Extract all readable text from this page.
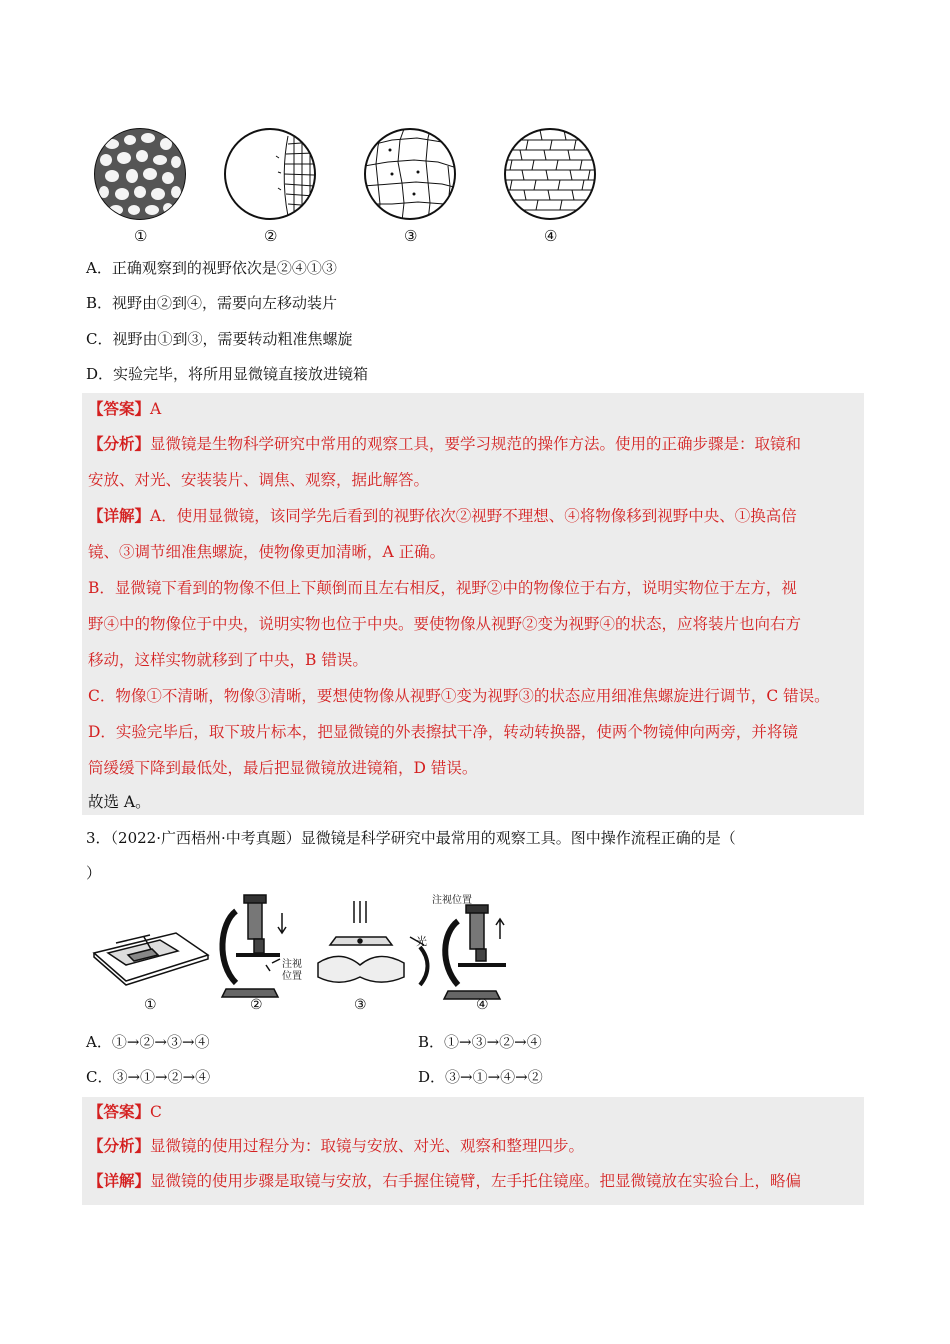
①	②	③	④
A．正确观察到的视野依次是②④①③
B．视野由②到④，需要向左移动装片
C．视野由①到③，需要转动粗准焦螺旋
D．实验完毕，将所用显微镜直接放进镜箱
【答案】A
【分析】显微镜是生物科学研究中常用的观察工具，要学习规范的操作方法。使用的正确步骤是：取镜和
安放、对光、安装装片、调焦、观察，据此解答。
【详解】A．使用显微镜，该同学先后看到的视野依次②视野不理想、④将物像移到视野中央、①换高倍
镜、③调节细准焦螺旋，使物像更加清晰，A 正确。
B．显微镜下看到的物像不但上下颠倒而且左右相反，视野②中的物像位于右方，说明实物位于左方，视
野④中的物像位于中央，说明实物也位于中央。要使物像从视野②变为视野④的状态，应将装片也向右方
移动，这样实物就移到了中央，B 错误。
C．物像①不清晰，物像③清晰，要想使物像从视野①变为视野③的状态应用细准焦螺旋进行调节，C 错误。
D．实验完毕后，取下玻片标本，把显微镜的外表擦拭干净，转动转换器，使两个物镜伸向两旁，并将镜
筒缓缓下降到最低处，最后把显微镜放进镜箱，D 错误。
故选 A。
3．（2022·广西梧州·中考真题）显微镜是科学研究中最常用的观察工具。图中操作流程正确的是（
）
注视
位置
光
注视位置
①	②	③	④
A．①→②→③→④	B．①→③→②→④
C．③→①→②→④	D．③→①→④→②
【答案】C
【分析】显微镜的使用过程分为：取镜与安放、对光、观察和整理四步。
【详解】显微镜的使用步骤是取镜与安放，右手握住镜臂，左手托住镜座。把显微镜放在实验台上，略偏
